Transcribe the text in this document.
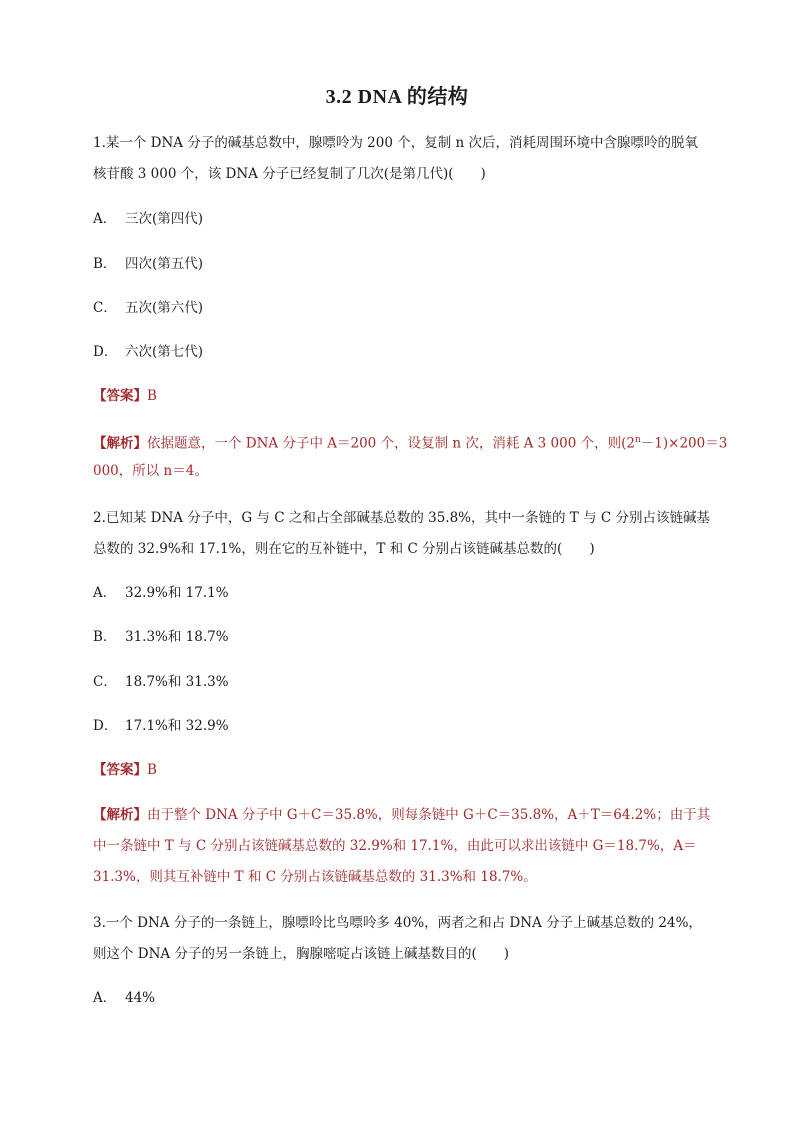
3.2 DNA 的结构
1.某一个 DNA 分子的碱基总数中，腺嘌呤为 200 个，复制 n 次后，消耗周围环境中含腺嘌呤的脱氧
核苷酸 3 000 个，该 DNA 分子已经复制了几次(是第几代)(　　)
A． 三次(第四代)
B． 四次(第五代)
C． 五次(第六代)
D． 六次(第七代)
【答案】B
【解析】依据题意，一个 DNA 分子中 A＝200 个，设复制 n 次，消耗 A 3 000 个，则$(2^n-1)\times 200=3$
000，所以 n＝4。
2.已知某 DNA 分子中，G 与 C 之和占全部碱基总数的 35.8%，其中一条链的 T 与 C 分别占该链碱基
总数的 32.9%和 17.1%，则在它的互补链中，T 和 C 分别占该链碱基总数的(　　)
A． 32.9%和 17.1%
B． 31.3%和 18.7%
C． 18.7%和 31.3%
D． 17.1%和 32.9%
【答案】B
【解析】由于整个 DNA 分子中 G＋C＝35.8%，则每条链中 G＋C＝35.8%，A＋T＝64.2%；由于其
中一条链中 T 与 C 分别占该链碱基总数的 32.9%和 17.1%，由此可以求出该链中 G＝18.7%，A＝
31.3%，则其互补链中 T 和 C 分别占该链碱基总数的 31.3%和 18.7%。
3.一个 DNA 分子的一条链上，腺嘌呤比鸟嘌呤多 40%，两者之和占 DNA 分子上碱基总数的 24%，
则这个 DNA 分子的另一条链上，胸腺嘧啶占该链上碱基数目的(　　)
A． 44%
